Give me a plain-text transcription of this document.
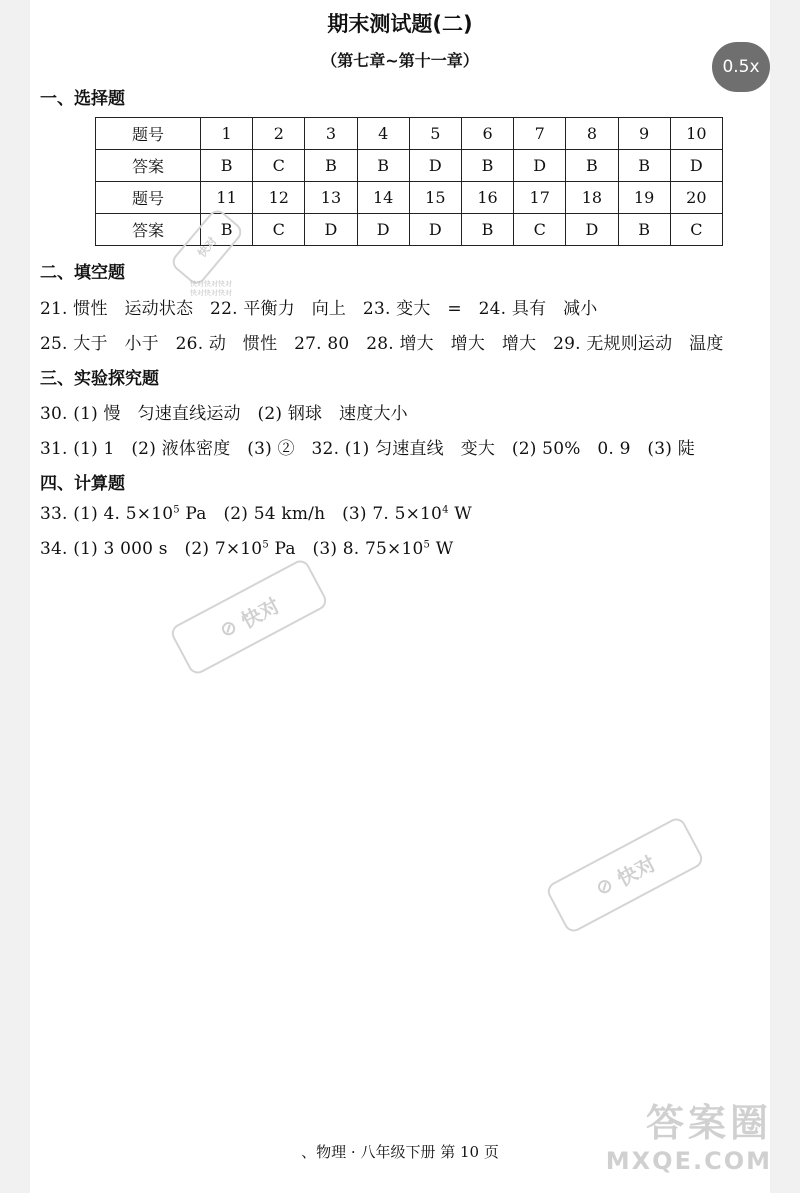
期末测试题(二)
（第七章~第十一章）	0.5x
一、选择题
题号	1	2	3	4	5	6	7	8	9	10
答案	B	C	B	B	D	B	D	B	B	D
题号	11	12	13	14	15	16	17	18	19	20
答案	B	C	D	D	D	B	C	D	B	C
二、填空题
21. 惯性   运动状态   22. 平衡力   向上   23. 变大   =   24. 具有   减小
25. 大于   小于   26. 动   惯性   27. 80   28. 增大   增大   增大   29. 无规则运动   温度
三、实验探究题
30. (1) 慢   匀速直线运动   (2) 钢球   速度大小
31. (1) 1   (2) 液体密度   (3) ②   32. (1) 匀速直线   变大   (2) 50%   0. 9   (3) 陡
四、计算题
33. (1) 4. $5\times 10^5$ Pa   (2) 54 km/h   (3) 7. $5\times 10^4$ W
34. (1) 3 000 s   (2) $7\times 10^5$ Pa   (3) 8. $75\times 10^5$ W
快对
快对快对快对
快对快对快对
⊘
快对
⊘
快对
答案圈
MXQE.COM
、物理 · 八年级下册 第 10 页
